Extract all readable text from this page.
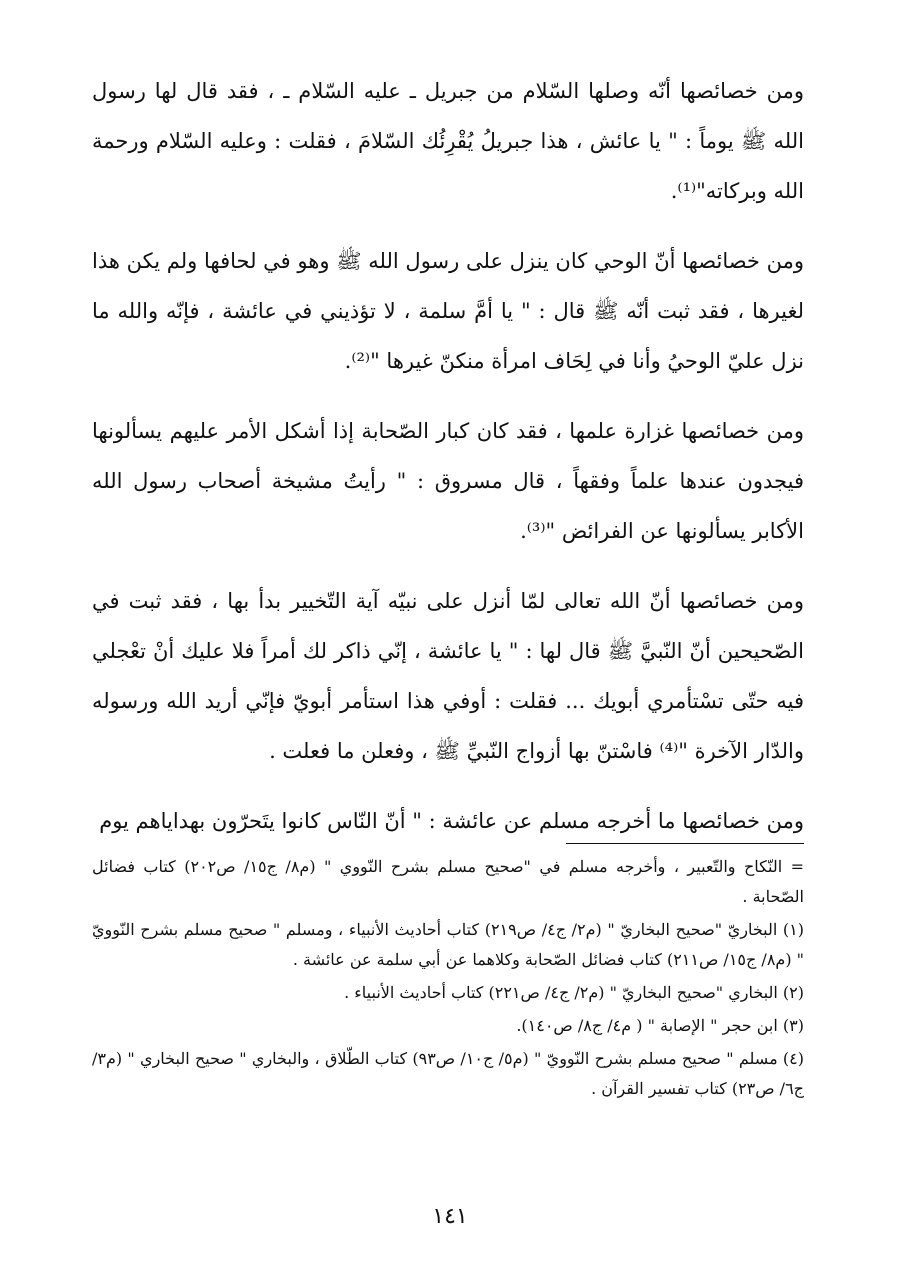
ومن خصائصها أنّه وصلها السّلام من جبريل ـ عليه السّلام ـ ، فقد قال لها رسول الله ﷺ يوماً : " يا عائش ، هذا جبريلُ يُقْرِئُك السّلامَ ، فقلت : وعليه السّلام ورحمة الله وبركاته"⁽¹⁾.

ومن خصائصها أنّ الوحي كان ينزل على رسول الله ﷺ وهو في لحافها ولم يكن هذا لغيرها ، فقد ثبت أنّه ﷺ قال : " يا أمَّ سلمة ، لا تؤذيني في عائشة ، فإنّه والله ما نزل عليّ الوحيُ وأنا في لِحَاف امرأة منكنّ غيرها "⁽²⁾.

ومن خصائصها غزارة علمها ، فقد كان كبار الصّحابة إذا أشكل الأمر عليهم يسألونها فيجدون عندها علماً وفقهاً ، قال مسروق : " رأيتُ مشيخة أصحاب رسول الله الأكابر يسألونها عن الفرائض "⁽³⁾.

ومن خصائصها أنّ الله تعالى لمّا أنزل على نبيّه آية التّخيير بدأ بها ، فقد ثبت في الصّحيحين أنّ النّبيَّ ﷺ قال لها : " يا عائشة ، إنّي ذاكر لك أمراً فلا عليك أنْ تعْجلي فيه حتّى تسْتأمري أبويك ... فقلت : أوفي هذا استأمر أبويّ فإنّي أريد الله ورسوله والدّار الآخرة "⁽⁴⁾ فاسْتنّ بها أزواج النّبيِّ ﷺ ، وفعلن ما فعلت .

ومن خصائصها ما أخرجه مسلم عن عائشة : " أنّ النّاس كانوا يتَحرّون بهداياهم يوم

= النّكاح والتّعبير ، وأخرجه مسلم في "صحيح مسلم بشرح النّووي " (م٨/ ج١٥/ ص٢٠٢) كتاب فضائل الصّحابة .

(١) البخاريّ "صحيح البخاريّ " (م٢/ ج٤/ ص٢١٩) كتاب أحاديث الأنبياء ، ومسلم " صحيح مسلم بشرح النّوويّ " (م٨/ ج١٥/ ص٢١١) كتاب فضائل الصّحابة وكلاهما عن أبي سلمة عن عائشة .

(٢) البخاري "صحيح البخاريّ " (م٢/ ج٤/ ص٢٢١) كتاب أحاديث الأنبياء .

(٣) ابن حجر " الإصابة " ( م٤/ ج٨/ ص١٤٠).

(٤) مسلم " صحيح مسلم بشرح النّوويّ " (م٥/ ج١٠/ ص٩٣) كتاب الطّلاق ، والبخاري " صحيح البخاري " (م٣/ ج٦/ ص٢٣) كتاب تفسير القرآن .

١٤١
